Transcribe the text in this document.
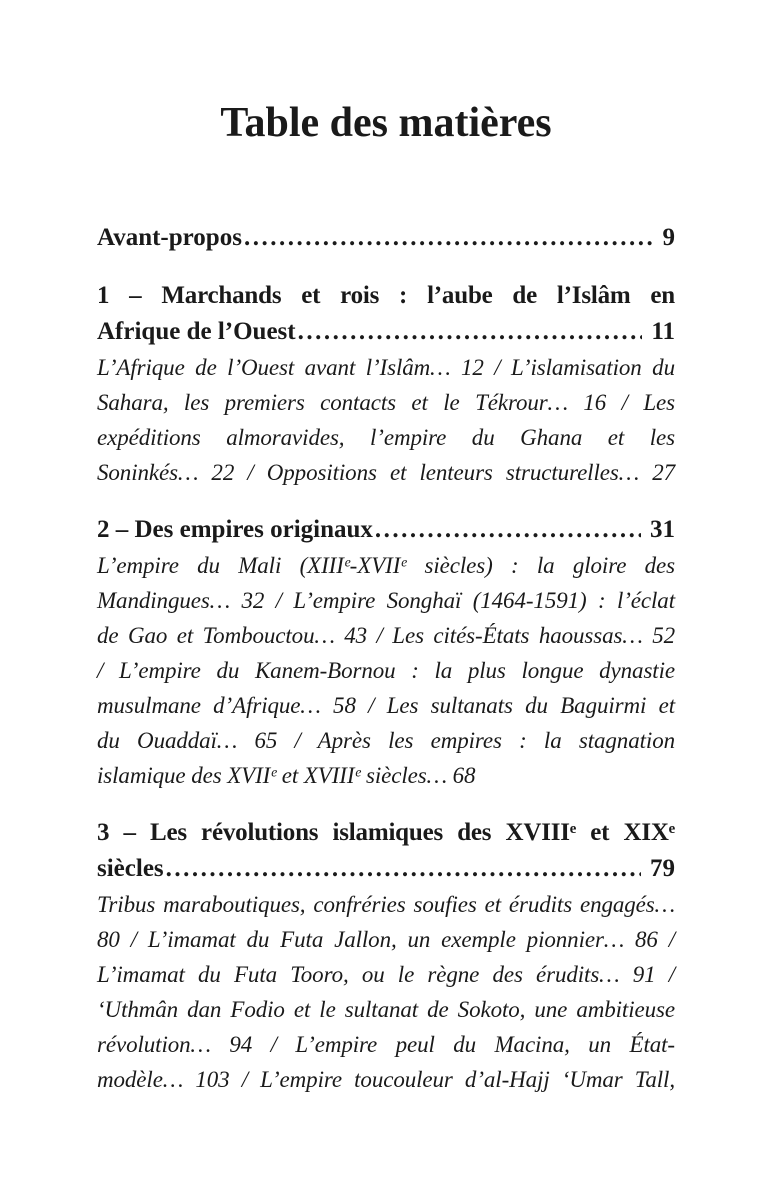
Table des matières
Avant-propos .....	9
1 – Marchands et rois : l’aube de l’Islâm en
Afrique de l’Ouest .....	11
L’Afrique de l’Ouest avant l’Islâm… 12 / L’islamisation du
Sahara, les premiers contacts et le Tékrour… 16 / Les
expéditions almoravides, l’empire du Ghana et les
Soninkés… 22 / Oppositions et lenteurs structurelles… 27
2 – Des empires originaux .....	31
L’empire du Mali (XIIIᵉ-XVIIᵉ siècles) : la gloire des
Mandingues… 32 / L’empire Songhaï (1464-1591) : l’éclat
de Gao et Tombouctou… 43 / Les cités-États haoussas… 52
/ L’empire du Kanem-Bornou : la plus longue dynastie
musulmane d’Afrique… 58 / Les sultanats du Baguirmi et
du Ouaddaï… 65 / Après les empires : la stagnation
islamique des XVIIᵉ et XVIIIᵉ siècles… 68
3 – Les révolutions islamiques des XVIIIᵉ et XIXᵉ
siècles .....	79
Tribus maraboutiques, confréries soufies et érudits engagés…
80 / L’imamat du Futa Jallon, un exemple pionnier… 86 /
L’imamat du Futa Tooro, ou le règne des érudits… 91 /
‘Uthmân dan Fodio et le sultanat de Sokoto, une ambitieuse
révolution… 94 / L’empire peul du Macina, un État-
modèle… 103 / L’empire toucouleur d’al-Hajj ‘Umar Tall,
